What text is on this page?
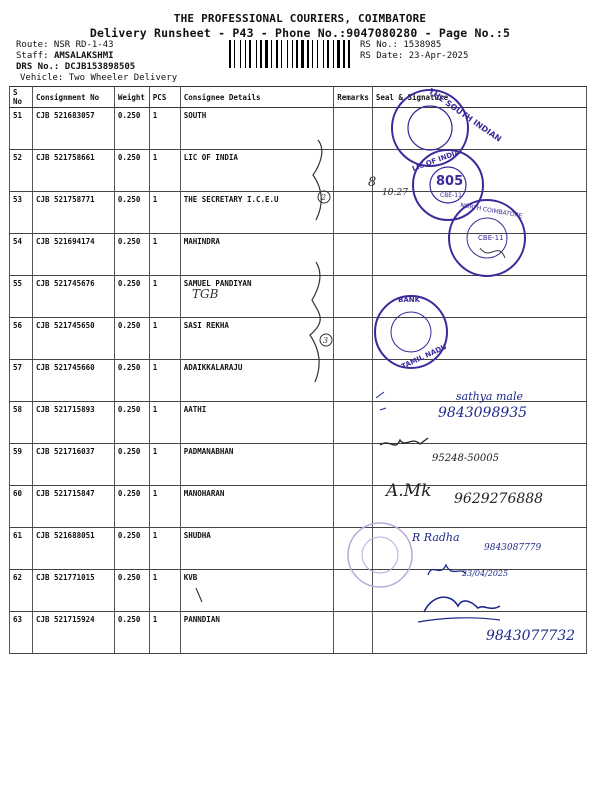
THE PROFESSIONAL COURIERS, COIMBATORE
Delivery Runsheet - P43 - Phone No.:9047080280 - Page No.:5
Route: NSR RD-1-43
Staff: AMSALAKSHMI
DRS No.: DCJB153898505
Vehicle: Two Wheeler Delivery
RS No.: 1538985
RS Date: 23-Apr-2025
S No	Consignment No	Weight	PCS	Consignee Details	Remarks	Seal & Signature
51	CJB 521683057	0.250	1	SOUTH		
52	CJB 521758661	0.250	1	LIC OF INDIA		
53	CJB 521758771	0.250	1	THE SECRETARY I.C.E.U		
54	CJB 521694174	0.250	1	MAHINDRA		
55	CJB 521745676	0.250	1	SAMUEL PANDIYAN		
56	CJB 521745650	0.250	1	SASI REKHA		
57	CJB 521745660	0.250	1	ADAIKKALARAJU		
58	CJB 521715893	0.250	1	AATHI		
59	CJB 521716037	0.250	1	PADMANABHAN		
60	CJB 521715847	0.250	1	MANOHARAN		
61	CJB 521688051	0.250	1	SHUDHA		
62	CJB 521771015	0.250	1	KVB		
63	CJB 521715924	0.250	1	PANNDIAN		
2
3
TGB
8
10:27
THE SOUTH INDIAN
805
CBE-11
LIC OF INDIA
CBE-11
NORTH COIMBATORE
BANK
TAMIL NADU
sathya male
9843098935
95248-50005
A.Mk 9629276888
R Radha
9843087779
23/04/2025
9843077732
